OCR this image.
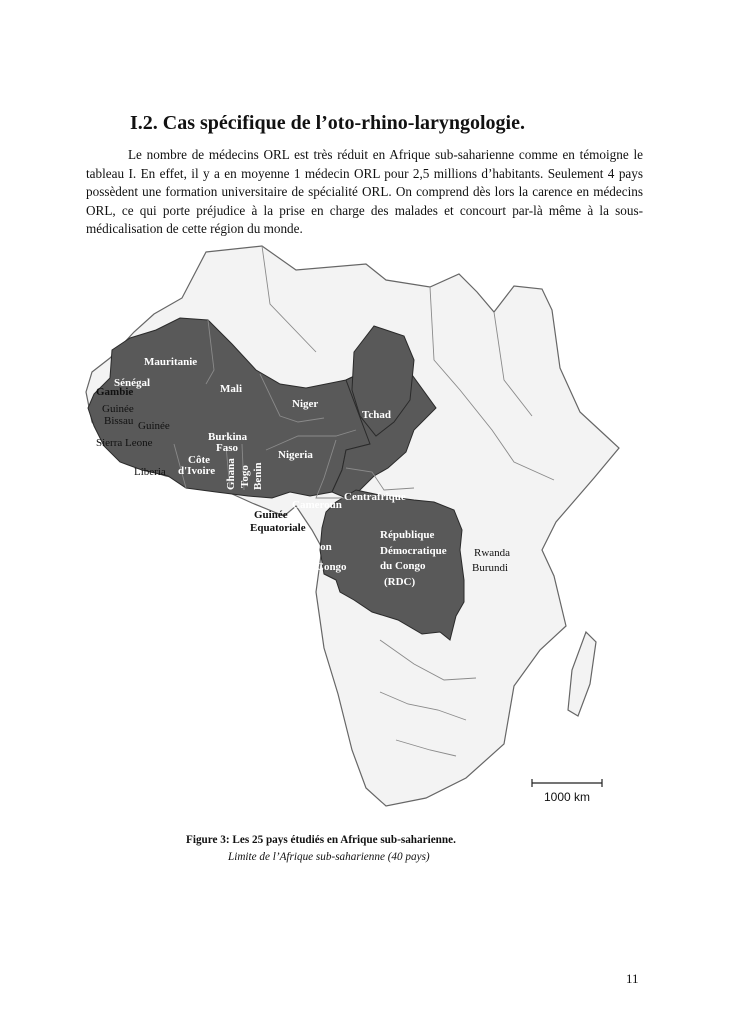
I.2. Cas spécifique de l’oto-rhino-laryngologie.

Le nombre de médecins ORL est très réduit en Afrique sub-saharienne comme en témoigne le tableau I. En effet, il y a en moyenne 1 médecin ORL pour 2,5 millions d’habitants. Seulement 4 pays possèdent une formation universitaire de spécialité ORL. On comprend dès lors la carence en médecins ORL, ce qui porte préjudice à la prise en charge des malades et concourt par-là même à la sous-médicalisation de cette région du monde.

1000 km
Mauritanie
Sénégal
Gambie
Guinée
Bissau Guinée
Sierra Leone
Liberia
Mali
Burkina
Faso
Côte
d'Ivoire Ghana Togo Benin
Niger
Nigeria
Tchad
Cameroun
Centrafrique
Guinée
Equatoriale
Gabon
Congo
République
Démocratique
du Congo
(RDC)
Rwanda
Burundi

Figure 3: Les 25 pays étudiés en Afrique sub-saharienne.

Limite de l’Afrique sub-saharienne (40 pays)

11
